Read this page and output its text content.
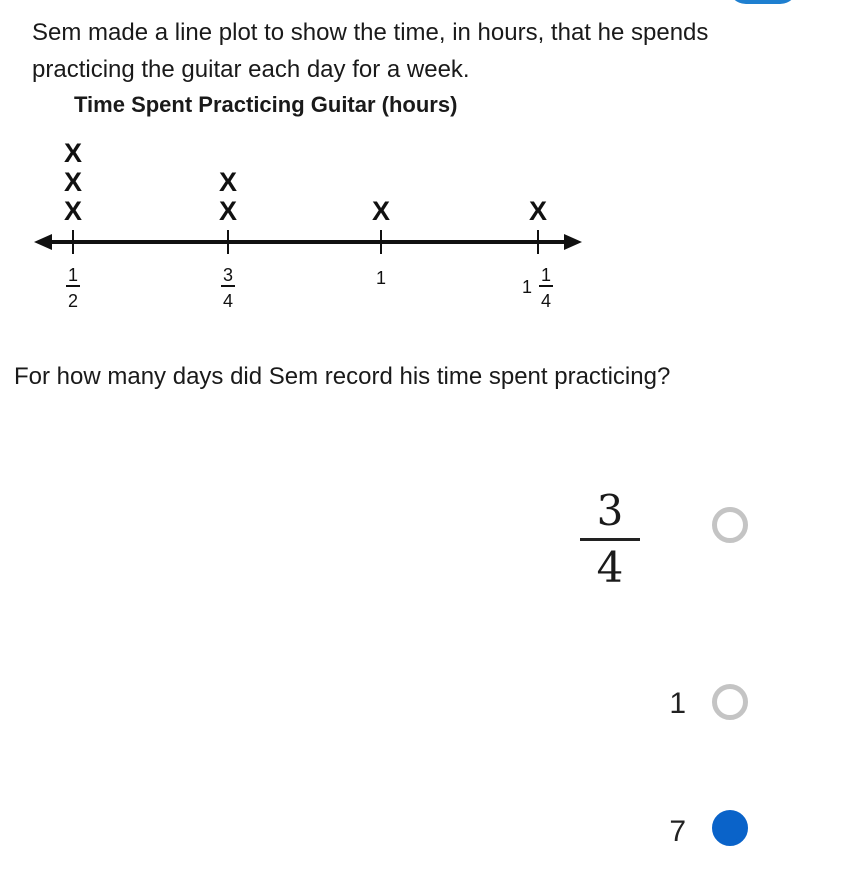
Sem made a line plot to show the time, in hours, that he spends practicing the guitar each day for a week.

Time Spent Practicing Guitar (hours)

X
X
X
1
2
X
X
3
4
X
1
X
1
1
4

For how many days did Sem record his time spent practicing?

3
4
1
7
